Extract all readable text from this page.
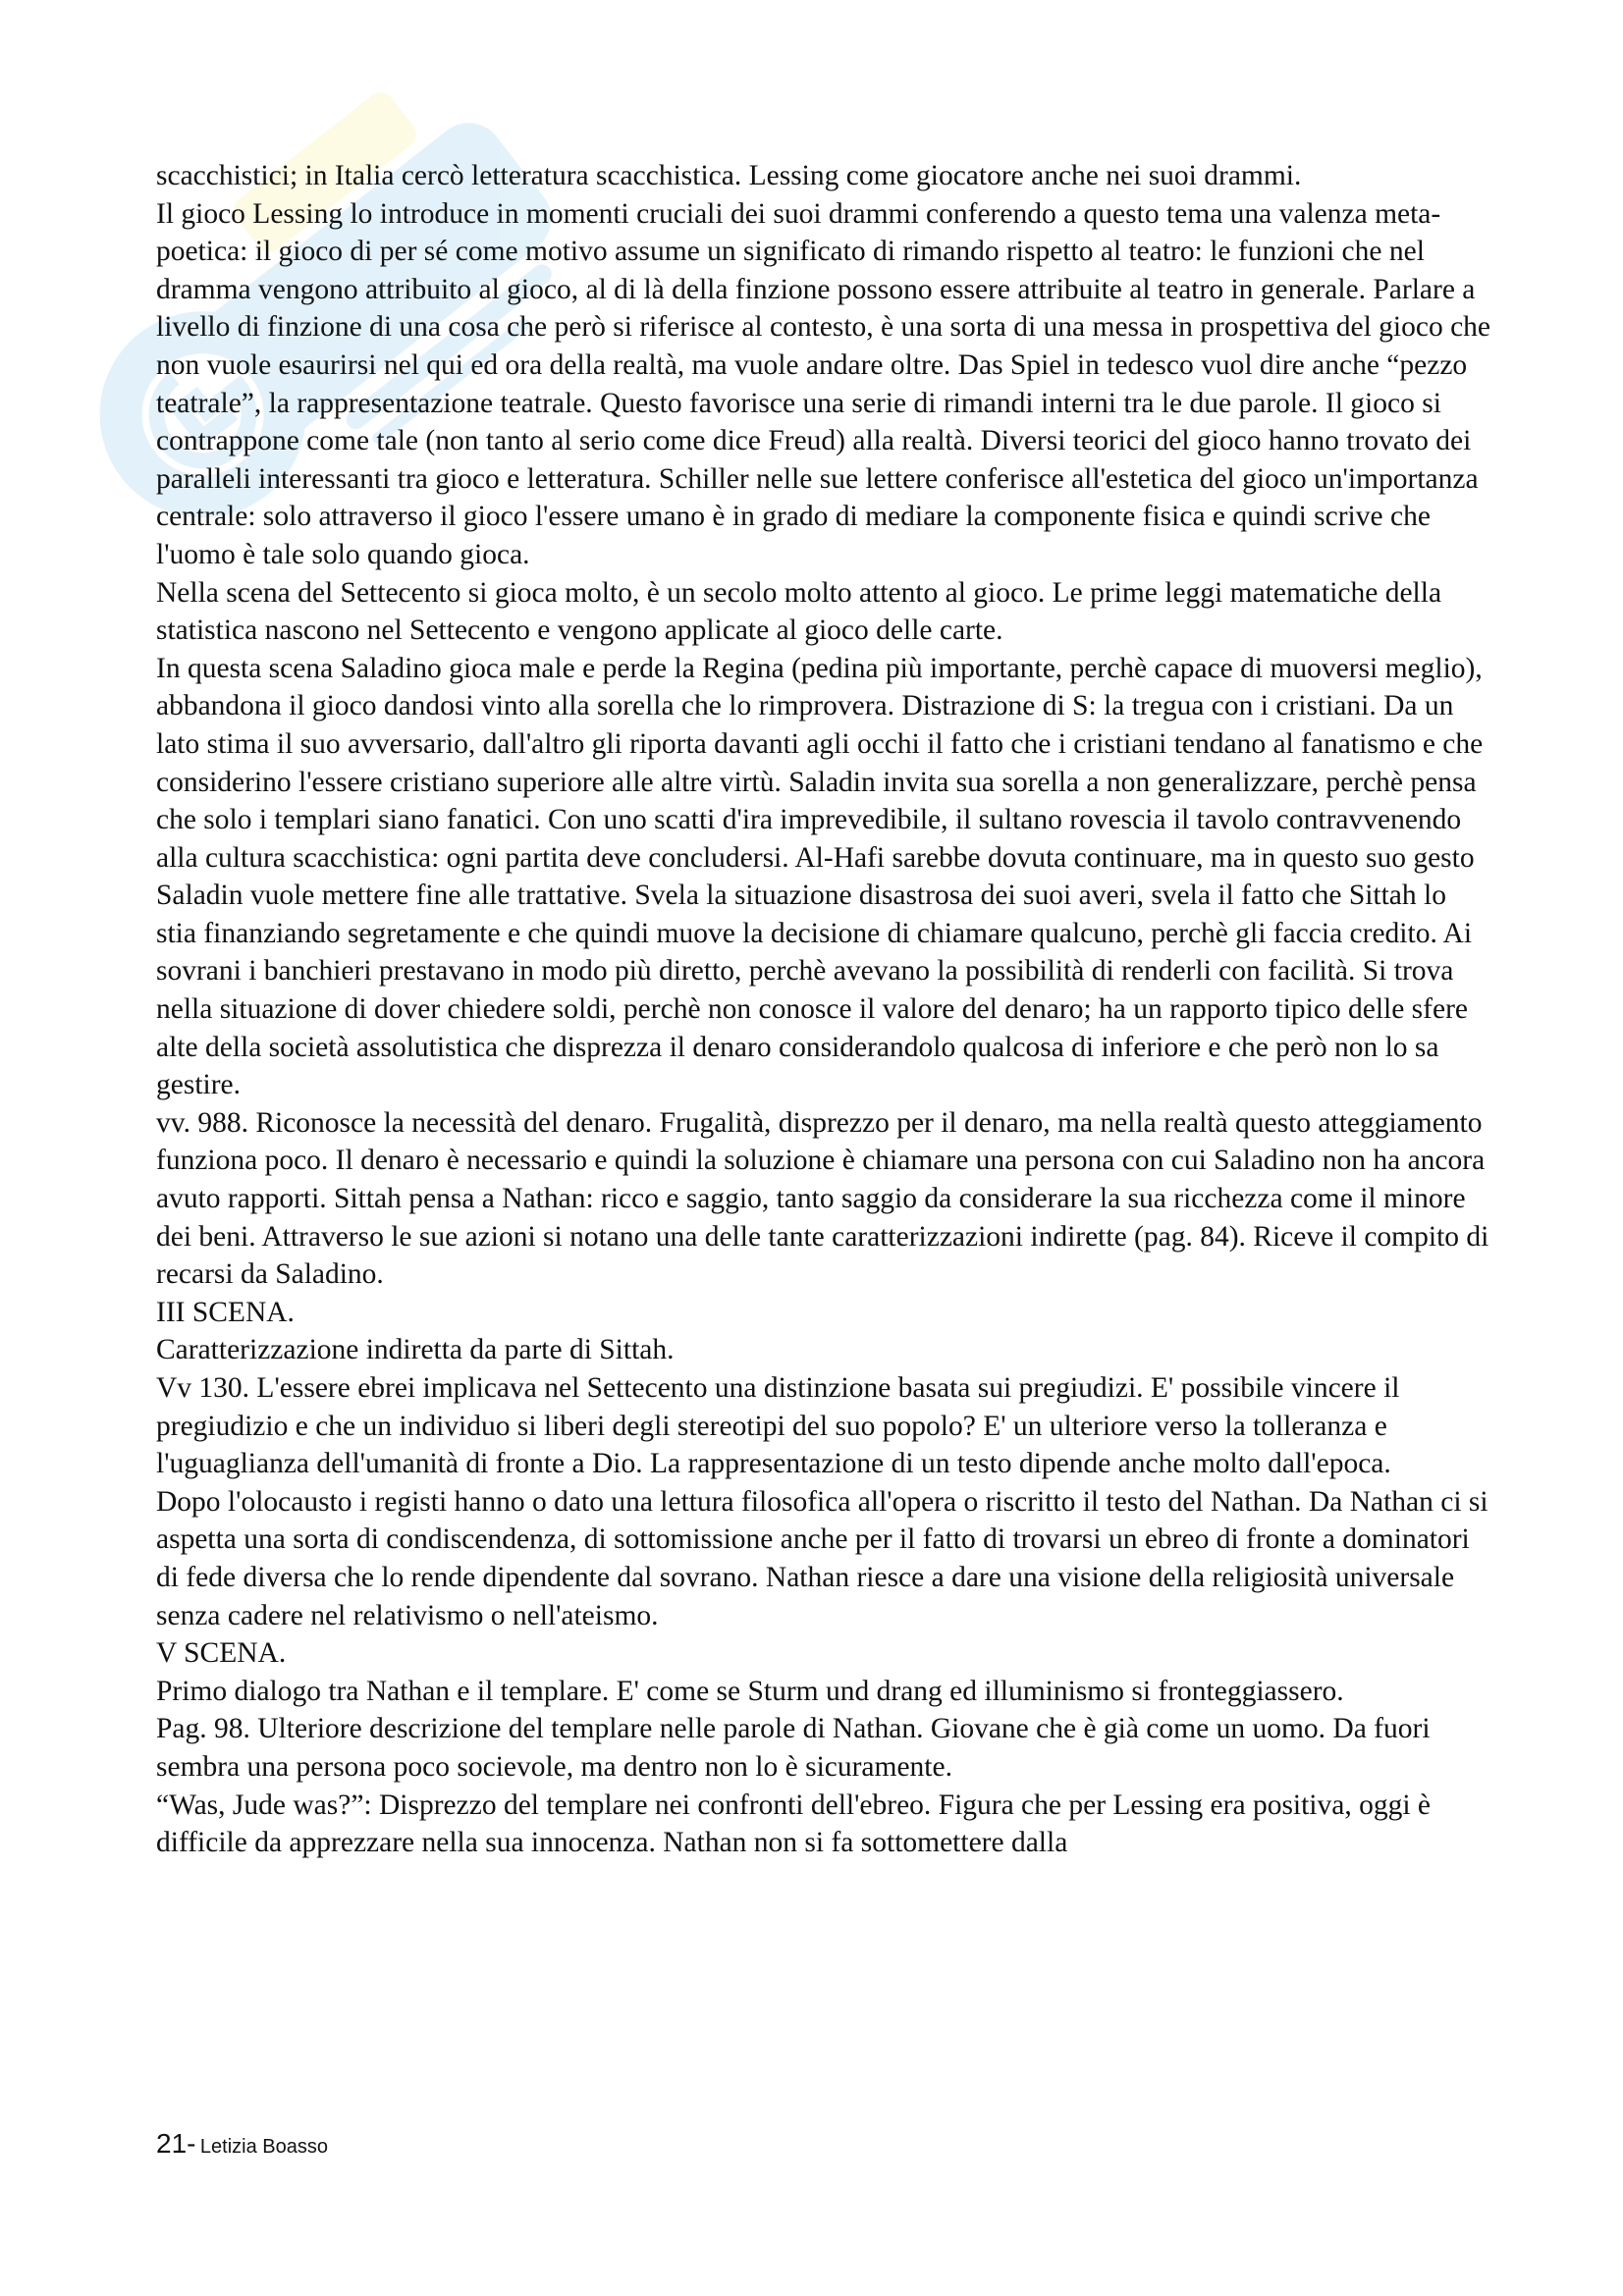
scacchistici; in Italia cercò letteratura scacchistica. Lessing come giocatore anche nei suoi drammi.

Il gioco Lessing lo introduce in momenti cruciali dei suoi drammi conferendo a questo tema una valenza meta-poetica: il gioco di per sé come motivo assume un significato di rimando rispetto al teatro: le funzioni che nel dramma vengono attribuito al gioco, al di là della finzione possono essere attribuite al teatro in generale. Parlare a livello di finzione di una cosa che però si riferisce al contesto, è una sorta di una messa in prospettiva del gioco che non vuole esaurirsi nel qui ed ora della realtà, ma vuole andare oltre. Das Spiel in tedesco vuol dire anche “pezzo teatrale”, la rappresentazione teatrale. Questo favorisce una serie di rimandi interni tra le due parole. Il gioco si contrappone come tale (non tanto al serio come dice Freud) alla realtà. Diversi teorici del gioco hanno trovato dei paralleli interessanti tra gioco e letteratura. Schiller nelle sue lettere conferisce all'estetica del gioco un'importanza centrale: solo attraverso il gioco l'essere umano è in grado di mediare la componente fisica e quindi scrive che l'uomo è tale solo quando gioca.

Nella scena del Settecento si gioca molto, è un secolo molto attento al gioco. Le prime leggi matematiche della statistica nascono nel Settecento e vengono applicate al gioco delle carte.

In questa scena Saladino gioca male e perde la Regina (pedina più importante, perchè capace di muoversi meglio), abbandona il gioco dandosi vinto alla sorella che lo rimprovera. Distrazione di S: la tregua con i cristiani. Da un lato stima il suo avversario, dall'altro gli riporta davanti agli occhi il fatto che i cristiani tendano al fanatismo e che considerino l'essere cristiano superiore alle altre virtù. Saladin invita sua sorella a non generalizzare, perchè pensa che solo i templari siano fanatici. Con uno scatti d'ira imprevedibile, il sultano rovescia il tavolo contravvenendo alla cultura scacchistica: ogni partita deve concludersi. Al-Hafi sarebbe dovuta continuare, ma in questo suo gesto Saladin vuole mettere fine alle trattative. Svela la situazione disastrosa dei suoi averi, svela il fatto che Sittah lo stia finanziando segretamente e che quindi muove la decisione di chiamare qualcuno, perchè gli faccia credito. Ai sovrani i banchieri prestavano in modo più diretto, perchè avevano la possibilità di renderli con facilità. Si trova nella situazione di dover chiedere soldi, perchè non conosce il valore del denaro; ha un rapporto tipico delle sfere alte della società assolutistica che disprezza il denaro considerandolo qualcosa di inferiore e che però non lo sa gestire.

vv. 988. Riconosce la necessità del denaro. Frugalità, disprezzo per il denaro, ma nella realtà questo atteggiamento funziona poco. Il denaro è necessario e quindi la soluzione è chiamare una persona con cui Saladino non ha ancora avuto rapporti. Sittah pensa a Nathan: ricco e saggio, tanto saggio da considerare la sua ricchezza come il minore dei beni. Attraverso le sue azioni si notano una delle tante caratterizzazioni indirette (pag. 84). Riceve il compito di recarsi da Saladino.

III SCENA.

Caratterizzazione indiretta da parte di Sittah.

Vv 130. L'essere ebrei implicava nel Settecento una distinzione basata sui pregiudizi. E' possibile vincere il pregiudizio e che un individuo si liberi degli stereotipi del suo popolo? E' un ulteriore verso la tolleranza e l'uguaglianza dell'umanità di fronte a Dio. La rappresentazione di un testo dipende anche molto dall'epoca.

Dopo l'olocausto i registi hanno o dato una lettura filosofica all'opera o riscritto il testo del Nathan. Da Nathan ci si aspetta una sorta di condiscendenza, di sottomissione anche per il fatto di trovarsi un ebreo di fronte a dominatori di fede diversa che lo rende dipendente dal sovrano. Nathan riesce a dare una visione della religiosità universale senza cadere nel relativismo o nell'ateismo.

V SCENA.

Primo dialogo tra Nathan e il templare. E' come se Sturm und drang ed illuminismo si fronteggiassero.

Pag. 98. Ulteriore descrizione del templare nelle parole di Nathan. Giovane che è già come un uomo. Da fuori sembra una persona poco socievole, ma dentro non lo è sicuramente.

“Was, Jude was?”: Disprezzo del templare nei confronti dell'ebreo. Figura che per Lessing era positiva, oggi è difficile da apprezzare nella sua innocenza. Nathan non si fa sottomettere dalla

21- Letizia Boasso
